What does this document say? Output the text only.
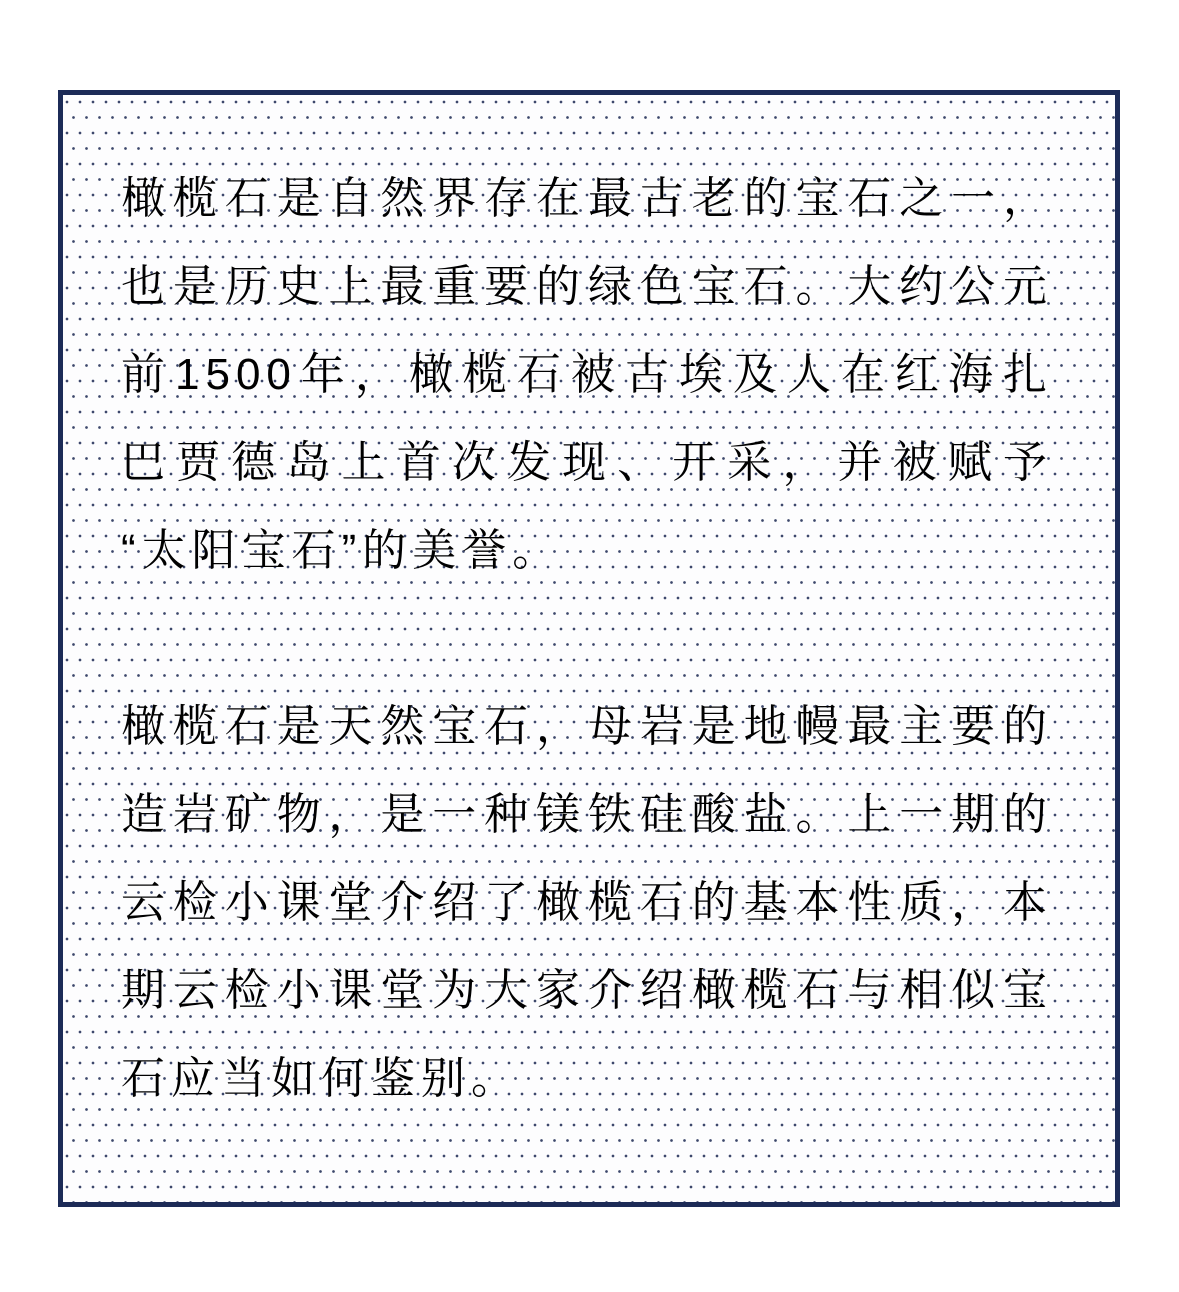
橄榄石是自然界存在最古老的宝石之一，
也是历史上最重要的绿色宝石。大约公元
前1500年，橄榄石被古埃及人在红海扎
巴贾德岛上首次发现、开采，并被赋予
“太阳宝石”的美誉。
橄榄石是天然宝石，母岩是地幔最主要的
造岩矿物，是一种镁铁硅酸盐。上一期的
云检小课堂介绍了橄榄石的基本性质，本
期云检小课堂为大家介绍橄榄石与相似宝
石应当如何鉴别。
